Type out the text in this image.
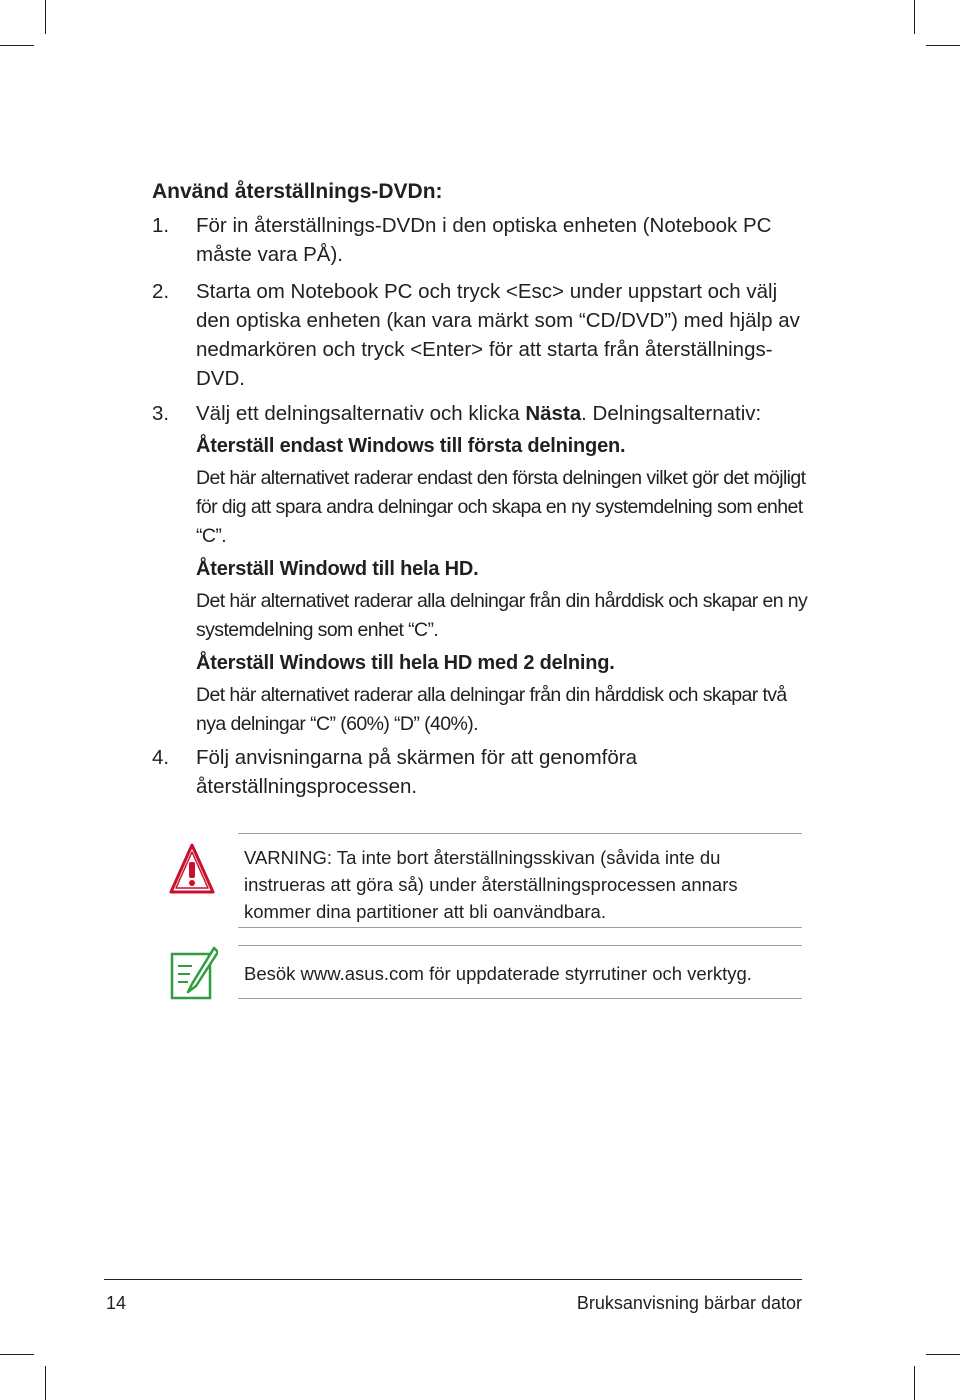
Använd återställnings-DVDn:
1. För in återställnings-DVDn i den optiska enheten (Notebook PC måste vara PÅ).
2. Starta om Notebook PC och tryck <Esc> under uppstart och välj den optiska enheten (kan vara märkt som “CD/DVD”) med hjälp av nedmarkören och tryck <Enter> för att starta från återställnings-DVD.
3. Välj ett delningsalternativ och klicka Nästa. Delningsalternativ:
Återställ endast Windows till första delningen.
Det här alternativet raderar endast den första delningen vilket gör det möjligt för dig att spara andra delningar och skapa en ny systemdelning som enhet “C”.
Återställ Windowd till hela HD.
Det här alternativet raderar alla delningar från din hårddisk och skapar en ny systemdelning som enhet “C”.
Återställ Windows till hela HD med 2 delning.
Det här alternativet raderar alla delningar från din hårddisk och skapar två nya delningar “C” (60%) “D” (40%).
4. Följ anvisningarna på skärmen för att genomföra återställningsprocessen.
VARNING: Ta inte bort återställningsskivan (såvida inte du instrueras att göra så) under återställningsprocessen annars kommer dina partitioner att bli oanvändbara.
Besök www.asus.com för uppdaterade styrrutiner och verktyg.
14	Bruksanvisning bärbar dator
